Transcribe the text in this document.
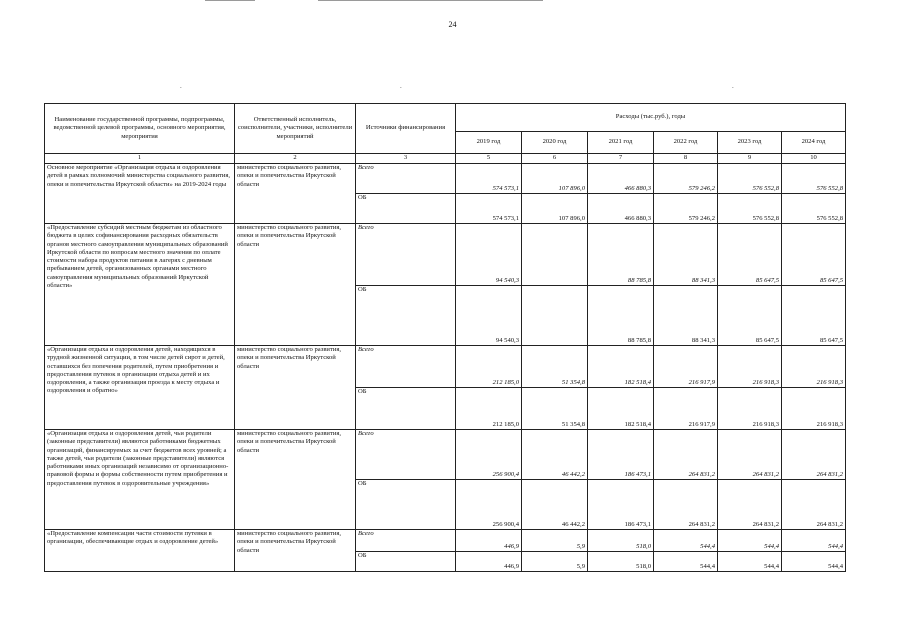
24
.	.	.
Наименование государственной программы, подпрограммы, ведомственной целевой программы, основного мероприятия, мероприятия	Ответственный исполнитель, соисполнители, участники, исполнители мероприятий	Источники финансирования	Расходы (тыс.руб.), годы					
			2019 год	2020 год	2021 год	2022 год	2023 год	2024 год
1	2	3	5	6	7	8	9	10
Основное мероприятие «Организация отдыха и оздоровления детей в рамках полномочий министерства социального развития, опеки и попечительства Иркутской области» на 2019-2024 годы	министерство социального развития, опеки и попечительства Иркутской области	Всего	574 573,1	107 896,0	466 880,3	579 246,2	576 552,8	576 552,8
		ОБ	574 573,1	107 896,0	466 880,3	579 246,2	576 552,8	576 552,8
«Предоставление субсидий местным бюджетам из областного бюджета в целях софинансирования расходных обязательств органов местного самоуправления муниципальных образований Иркутской области по вопросам местного значения по оплате стоимости набора продуктов питания в лагерях с дневным пребыванием детей, организованных органами местного самоуправления муниципальных образований Иркутской области»	министерство социального развития, опеки и попечительства Иркутской области	Всего	94 540,3		88 785,8	88 341,3	85 647,5	85 647,5
		ОБ	94 540,3		88 785,8	88 341,3	85 647,5	85 647,5
«Организация отдыха и оздоровления детей, находящихся в трудной жизненной ситуации, в том числе детей сирот и детей, оставшихся без попечения родителей, путем приобретения и предоставления путевок в организации отдыха детей и их оздоровления, а также организация проезда к месту отдыха и оздоровления и обратно»	министерство социального развития, опеки и попечительства Иркутской области	Всего	212 185,0	51 354,8	182 518,4	216 917,9	216 918,3	216 918,3
		ОБ	212 185,0	51 354,8	182 518,4	216 917,9	216 918,3	216 918,3
«Организация отдыха и оздоровления детей, чьи родители (законные представители) являются работниками бюджетных организаций, финансируемых за счет бюджетов всех уровней; а также детей, чьи родители (законные представители) являются работниками иных организаций независимо от организационно-правовой формы и формы собственности путем приобретения и предоставления путевок в оздоровительные учреждения»	министерство социального развития, опеки и попечительства Иркутской области	Всего	256 900,4	46 442,2	186 473,1	264 831,2	264 831,2	264 831,2
		ОБ	256 900,4	46 442,2	186 473,1	264 831,2	264 831,2	264 831,2
«Предоставление компенсации части стоимости путевки в организации, обеспечивающие отдых и оздоровление детей»	министерство социального развития, опеки и попечительства Иркутской области	Всего	446,9	5,9	518,0	544,4	544,4	544,4
		ОБ	446,9	5,9	518,0	544,4	544,4	544,4
